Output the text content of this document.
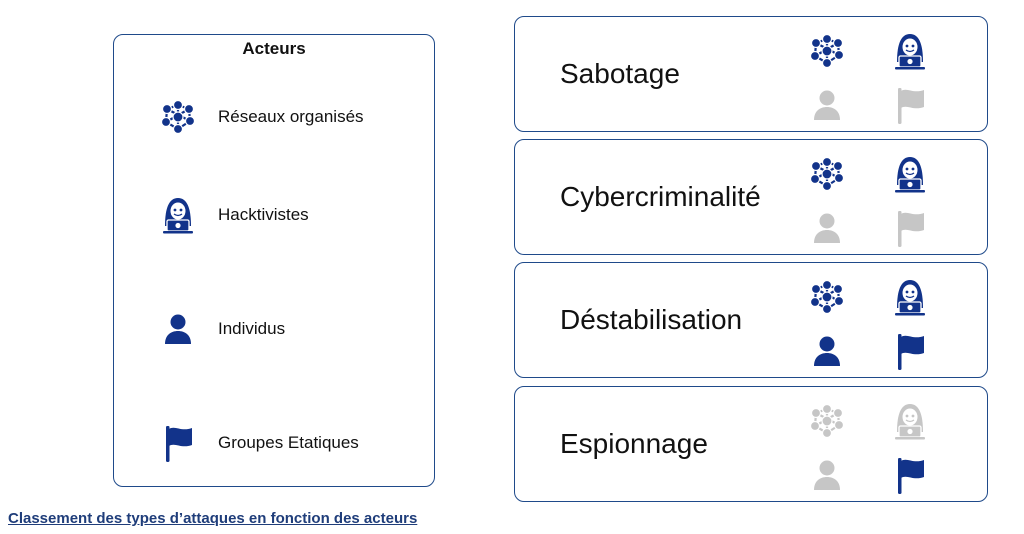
Acteurs
Réseaux organisés
Hacktivistes
Individus
Groupes Etatiques
Sabotage
Cybercriminalité
Déstabilisation
Espionnage
Classement des types d’attaques en fonction des acteurs
